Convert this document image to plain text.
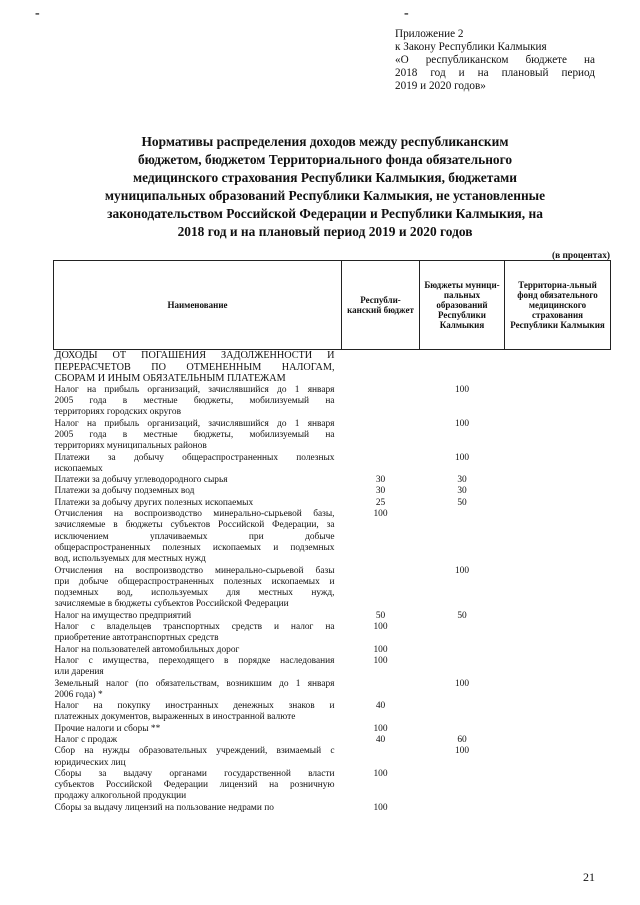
-	-
Приложение 2
к Закону Республики Калмыкия
«О республиканском бюджете на
2018 год и на плановый период
2019 и 2020 годов»
Нормативы распределения доходов между республиканским
бюджетом, бюджетом Территориального фонда обязательного
медицинского страхования Республики Калмыкия, бюджетами
муниципальных образований Республики Калмыкия, не установленные
законодательством Российской Федерации и Республики Калмыкия, на
2018 год и на плановый период 2019 и 2020 годов
(в процентах)
Наименование	Республи-канский бюджет	Бюджеты муници-пальных образований Республики Калмыкия	Территориа-льный фонд обязательного медицинского страхования Республики Калмыкия

ДОХОДЫ ОТ ПОГАШЕНИЯ ЗАДОЛЖЕННОСТИ И
ПЕРЕРАСЧЕТОВ ПО ОТМЕНЕННЫМ НАЛОГАМ,
СБОРАМ И ИНЫМ ОБЯЗАТЕЛЬНЫМ ПЛАТЕЖАМ			

Налог на прибыль организаций, зачислявшийся до 1 января
2005 года в местные бюджеты, мобилизуемый на
территориях городских округов		100	

Налог на прибыль организаций, зачислявшийся до 1 января
2005 года в местные бюджеты, мобилизуемый на
территориях муниципальных районов		100	

Платежи за добычу общераспространенных полезных
ископаемых		100	

Платежи за добычу углеводородного сырья	30	30	

Платежи за добычу подземных вод	30	30	

Платежи за добычу других полезных ископаемых	25	50	

Отчисления на воспроизводство минерально-сырьевой базы,
зачисляемые в бюджеты субъектов Российской Федерации, за
исключением уплачиваемых при добыче
общераспространенных полезных ископаемых и подземных
вод, используемых для местных нужд	100		

Отчисления на воспроизводство минерально-сырьевой базы
при добыче общераспространенных полезных ископаемых и
подземных вод, используемых для местных нужд,
зачисляемые в бюджеты субъектов Российской Федерации		100	

Налог на имущество предприятий	50	50	

Налог с владельцев транспортных средств и налог на
приобретение автотранспортных средств	100		

Налог на пользователей автомобильных дорог	100		

Налог с имущества, переходящего в порядке наследования
или дарения	100		

Земельный налог (по обязательствам, возникшим до 1 января
2006 года) *		100	

Налог на покупку иностранных денежных знаков и
платежных документов, выраженных в иностранной валюте	40		

Прочие налоги и сборы **	100		

Налог с продаж	40	60	

Сбор на нужды образовательных учреждений, взимаемый с
юридических лиц		100	

Сборы за выдачу органами государственной власти
субъектов Российской Федерации лицензий на розничную
продажу алкогольной продукции	100		

Сборы за выдачу лицензий на пользование недрами по	100		
21
